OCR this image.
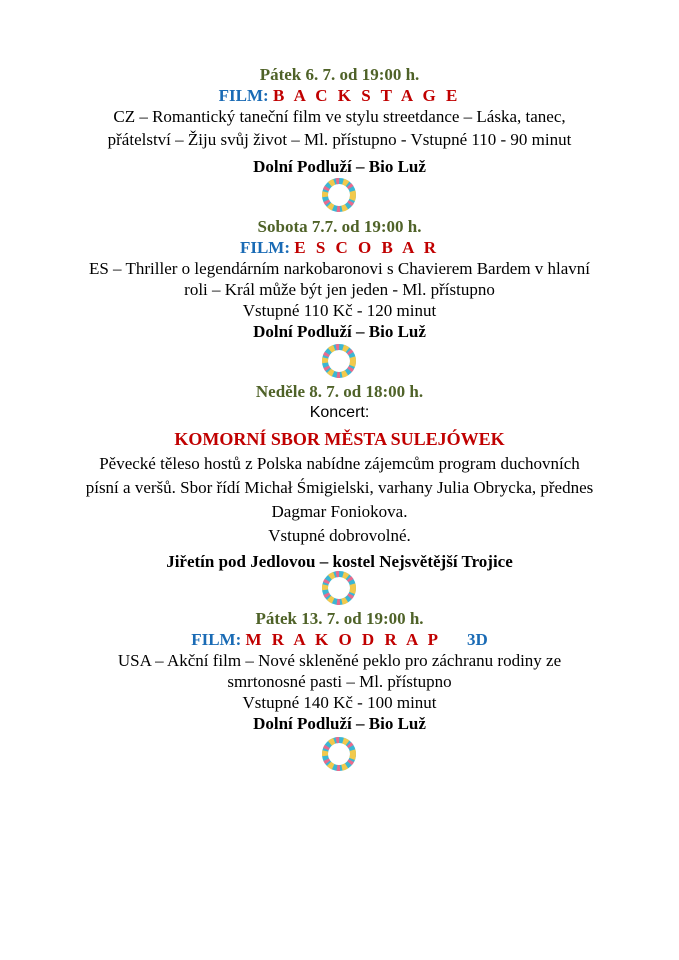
Pátek 6. 7. od 19:00 h.
FILM: B A C K S T A G E
CZ – Romantický taneční film ve stylu streetdance – Láska, tanec,
přátelství – Žiju svůj život – Ml. přístupno - Vstupné 110 - 90 minut
Dolní Podluží – Bio Luž
Sobota 7.7. od 19:00 h.
FILM: E S C O B A R
ES – Thriller o legendárním narkobaronovi s Chavierem Bardem v hlavní
roli – Král může být jen jeden - Ml. přístupno
Vstupné 110 Kč - 120 minut
Dolní Podluží – Bio Luž
Neděle 8. 7. od 18:00 h.
Koncert:
KOMORNÍ SBOR MĚSTA SULEJÓWEK
Pěvecké těleso hostů z Polska nabídne zájemcům program duchovních
písní a veršů. Sbor řídí Michał Śmigielski, varhany Julia Obrycka, přednes
Dagmar Foniokova.
Vstupné dobrovolné.
Jiřetín pod Jedlovou – kostel Nejsvětější Trojice
Pátek 13. 7. od 19:00 h.
FILM: M R A K O D R A P 3D
USA – Akční film – Nové skleněné peklo pro záchranu rodiny ze
smrtonosné pasti – Ml. přístupno
Vstupné 140 Kč - 100 minut
Dolní Podluží – Bio Luž
